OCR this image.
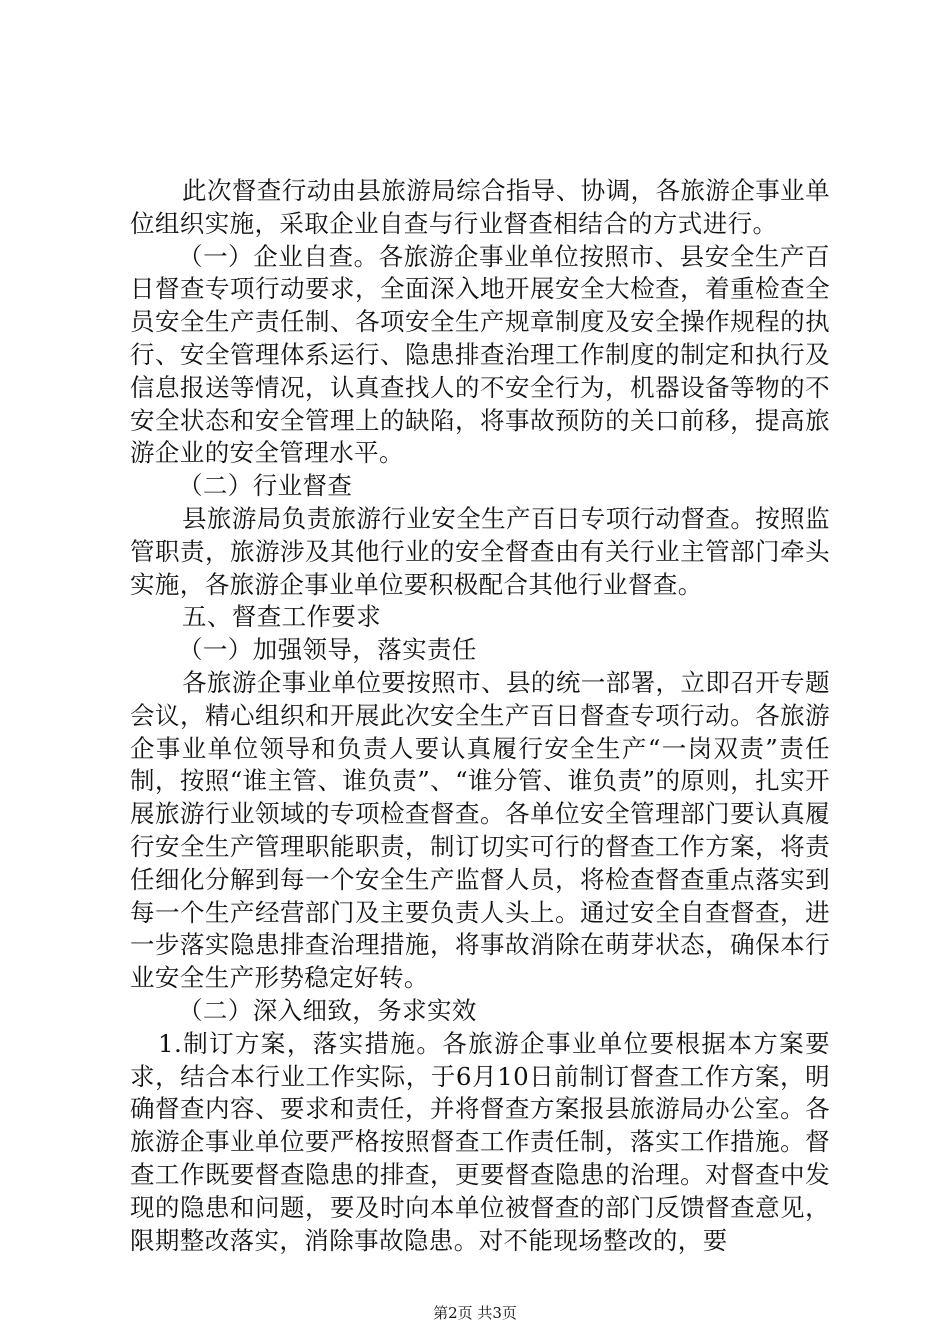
此次督查行动由县旅游局综合指导、协调，各旅游企事业单位组织实施，采取企业自查与行业督查相结合的方式进行。

（一）企业自查。各旅游企事业单位按照市、县安全生产百日督查专项行动要求，全面深入地开展安全大检查，着重检查全员安全生产责任制、各项安全生产规章制度及安全操作规程的执行、安全管理体系运行、隐患排查治理工作制度的制定和执行及信息报送等情况，认真查找人的不安全行为，机器设备等物的不安全状态和安全管理上的缺陷，将事故预防的关口前移，提高旅游企业的安全管理水平。

（二）行业督查

县旅游局负责旅游行业安全生产百日专项行动督查。按照监管职责，旅游涉及其他行业的安全督查由有关行业主管部门牵头实施，各旅游企事业单位要积极配合其他行业督查。

五、督查工作要求

（一）加强领导，落实责任

各旅游企事业单位要按照市、县的统一部署，立即召开专题会议，精心组织和开展此次安全生产百日督查专项行动。各旅游企事业单位领导和负责人要认真履行安全生产“一岗双责”责任制，按照“谁主管、谁负责”、“谁分管、谁负责”的原则，扎实开展旅游行业领域的专项检查督查。各单位安全管理部门要认真履行安全生产管理职能职责，制订切实可行的督查工作方案，将责任细化分解到每一个安全生产监督人员，将检查督查重点落实到每一个生产经营部门及主要负责人头上。通过安全自查督查，进一步落实隐患排查治理措施，将事故消除在萌芽状态，确保本行业安全生产形势稳定好转。

（二）深入细致，务求实效

1.制订方案，落实措施。各旅游企事业单位要根据本方案要求，结合本行业工作实际，于6月10日前制订督查工作方案，明确督查内容、要求和责任，并将督查方案报县旅游局办公室。各旅游企事业单位要严格按照督查工作责任制，落实工作措施。督查工作既要督查隐患的排查，更要督查隐患的治理。对督查中发现的隐患和问题，要及时向本单位被督查的部门反馈督查意见，限期整改落实，消除事故隐患。对不能现场整改的，要

第2页 共3页
